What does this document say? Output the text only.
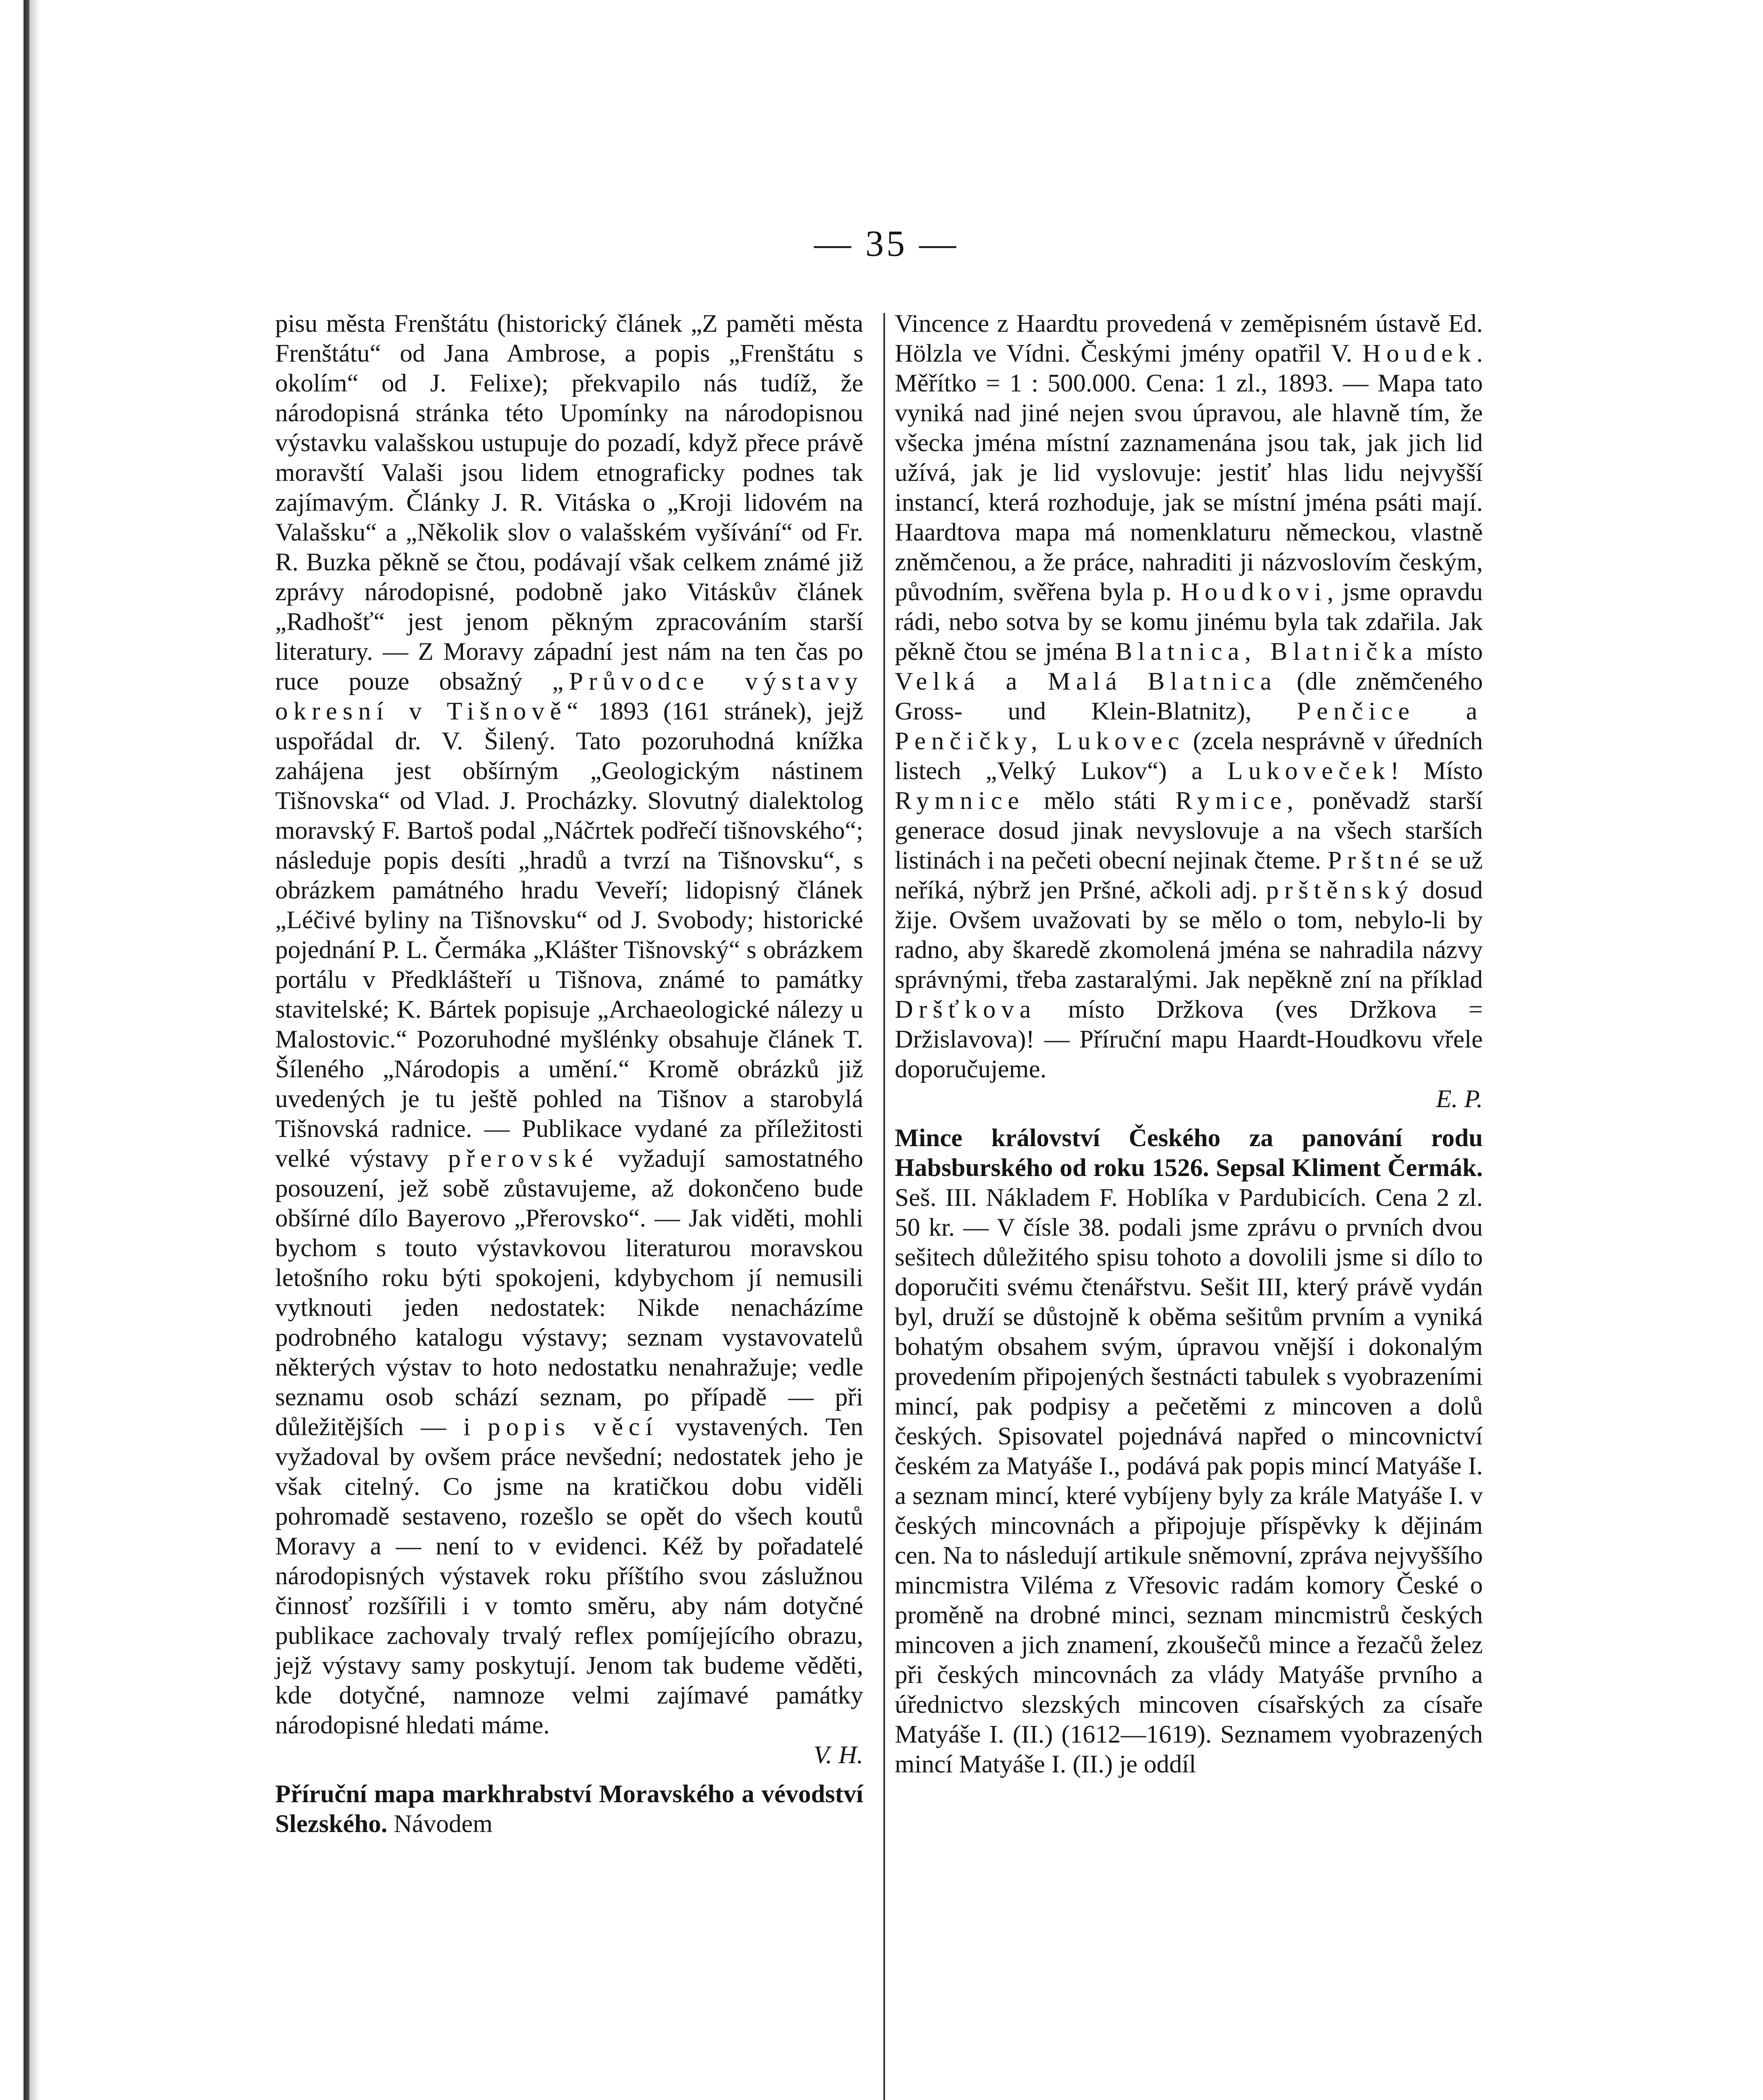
— 35 —

pisu města Frenštátu (historický článek „Z paměti města Frenštátu“ od Jana Ambrose, a popis „Frenštátu s okolím“ od J. Felixe); překvapilo nás tudíž, že národopisná stránka této Upomínky na národopisnou výstavku valašskou ustupuje do pozadí, když přece právě moravští Valaši jsou lidem etnograficky podnes tak zajímavým. Články J. R. Vitáska o „Kroji lidovém na Valašsku“ a „Několik slov o valašském vyšívání“ od Fr. R. Buzka pěkně se čtou, podávají však celkem známé již zprávy národopisné, podobně jako Vitáskův článek „Radhošť“ jest jenom pěkným zpracováním starší literatury. — Z Moravy západní jest nám na ten čas po ruce pouze obsažný „Průvodce výstavy okresní v Tišnově“ 1893 (161 stránek), jejž uspořádal dr. V. Šilený. Tato pozoruhodná knížka zahájena jest obšírným „Geologickým nástinem Tišnovska“ od Vlad. J. Procházky. Slovutný dialektolog moravský F. Bartoš podal „Náčrtek podřečí tišnovského“; následuje popis desíti „hradů a tvrzí na Tišnovsku“, s obrázkem památného hradu Veveří; lidopisný článek „Léčivé byliny na Tišnovsku“ od J. Svobody; historické pojednání P. L. Čermáka „Klášter Tišnovský“ s obrázkem portálu v Předklášteří u Tišnova, známé to památky stavitelské; K. Bártek popisuje „Archaeologické nálezy u Malostovic.“ Pozoruhodné myšlénky obsahuje článek T. Šíleného „Národopis a umění.“ Kromě obrázků již uvedených je tu ještě pohled na Tišnov a starobylá Tišnovská radnice. — Publikace vydané za příležitosti velké výstavy přerovské vyžadují samostatného posouzení, jež sobě zůstavujeme, až dokončeno bude obšírné dílo Bayerovo „Přerovsko“. — Jak viděti, mohli bychom s touto výstavkovou literaturou moravskou letošního roku býti spokojeni, kdybychom jí nemusili vytknouti jeden nedostatek: Nikde nenacházíme podrobného katalogu výstavy; seznam vystavovatelů některých výstav to hoto nedostatku nenahražuje; vedle seznamu osob schází seznam, po případě — při důležitějších — i popis věcí vystavených. Ten vyžadoval by ovšem práce nevšední; nedostatek jeho je však citelný. Co jsme na kratičkou dobu viděli pohromadě sestaveno, rozešlo se opět do všech koutů Moravy a — není to v evidenci. Kéž by pořadatelé národopisných výstavek roku příštího svou záslužnou činnosť rozšířili i v tomto směru, aby nám dotyčné publikace zachovaly trvalý reflex pomíjejícího obrazu, jejž výstavy samy poskytují. Jenom tak budeme věděti, kde dotyčné, namnoze velmi zajímavé památky národopisné hledati máme.

V. H.

Příruční mapa markhrabství Moravského a vévodství Slezského. Návodem

Vincence z Haardtu provedená v zeměpisném ústavě Ed. Hölzla ve Vídni. Českými jmény opatřil V. Houdek. Měřítko = 1 : 500.000. Cena: 1 zl., 1893. — Mapa tato vyniká nad jiné nejen svou úpravou, ale hlavně tím, že všecka jména místní zaznamenána jsou tak, jak jich lid užívá, jak je lid vyslovuje: jestiť hlas lidu nejvyšší instancí, která rozhoduje, jak se místní jména psáti mají. Haardtova mapa má nomenklaturu německou, vlastně zněmčenou, a že práce, nahraditi ji názvoslovím českým, původním, svěřena byla p. Houdkovi, jsme opravdu rádi, nebo sotva by se komu jinému byla tak zdařila. Jak pěkně čtou se jména Blatnica, Blatnička místo Velká a Malá Blatnica (dle zněmčeného Gross- und Klein-Blatnitz), Penčice a Penčičky, Lukovec (zcela nesprávně v úředních listech „Velký Lukov“) a Lukoveček! Místo Rymnice mělo státi Rymice, poněvadž starší generace dosud jinak nevyslovuje a na všech starších listinách i na pečeti obecní nejinak čteme. Prštné se už neříká, nýbrž jen Pršné, ačkoli adj. prštěnský dosud žije. Ovšem uvažovati by se mělo o tom, nebylo-li by radno, aby škaredě zkomolená jména se nahradila názvy správnými, třeba zastaralými. Jak nepěkně zní na příklad Dršťkova místo Držkova (ves Držkova = Držislavova)! — Příruční mapu Haardt-Houdkovu vřele doporučujeme.

E. P.

Mince království Českého za panování rodu Habsburského od roku 1526. Sepsal Kliment Čermák. Seš. III. Nákladem F. Hoblíka v Pardubicích. Cena 2 zl. 50 kr. — V čísle 38. podali jsme zprávu o prvních dvou sešitech důležitého spisu tohoto a dovolili jsme si dílo to doporučiti svému čtenářstvu. Sešit III, který právě vydán byl, druží se důstojně k oběma sešitům prvním a vyniká bohatým obsahem svým, úpravou vnější i dokonalým provedením připojených šestnácti tabulek s vyobrazeními mincí, pak podpisy a pečetěmi z mincoven a dolů českých. Spisovatel pojednává napřed o mincovnictví českém za Matyáše I., podává pak popis mincí Matyáše I. a seznam mincí, které vybíjeny byly za krále Matyáše I. v českých mincovnách a připojuje příspěvky k dějinám cen. Na to následují artikule sněmovní, zpráva nejvyššího mincmistra Viléma z Vřesovic radám komory České o proměně na drobné minci, seznam mincmistrů českých mincoven a jich znamení, zkoušečů mince a řezačů želez při českých mincovnách za vlády Matyáše prvního a úřednictvo slezských mincoven císařských za císaře Matyáše I. (II.) (1612—1619). Seznamem vyobrazených mincí Matyáše I. (II.) je oddíl
